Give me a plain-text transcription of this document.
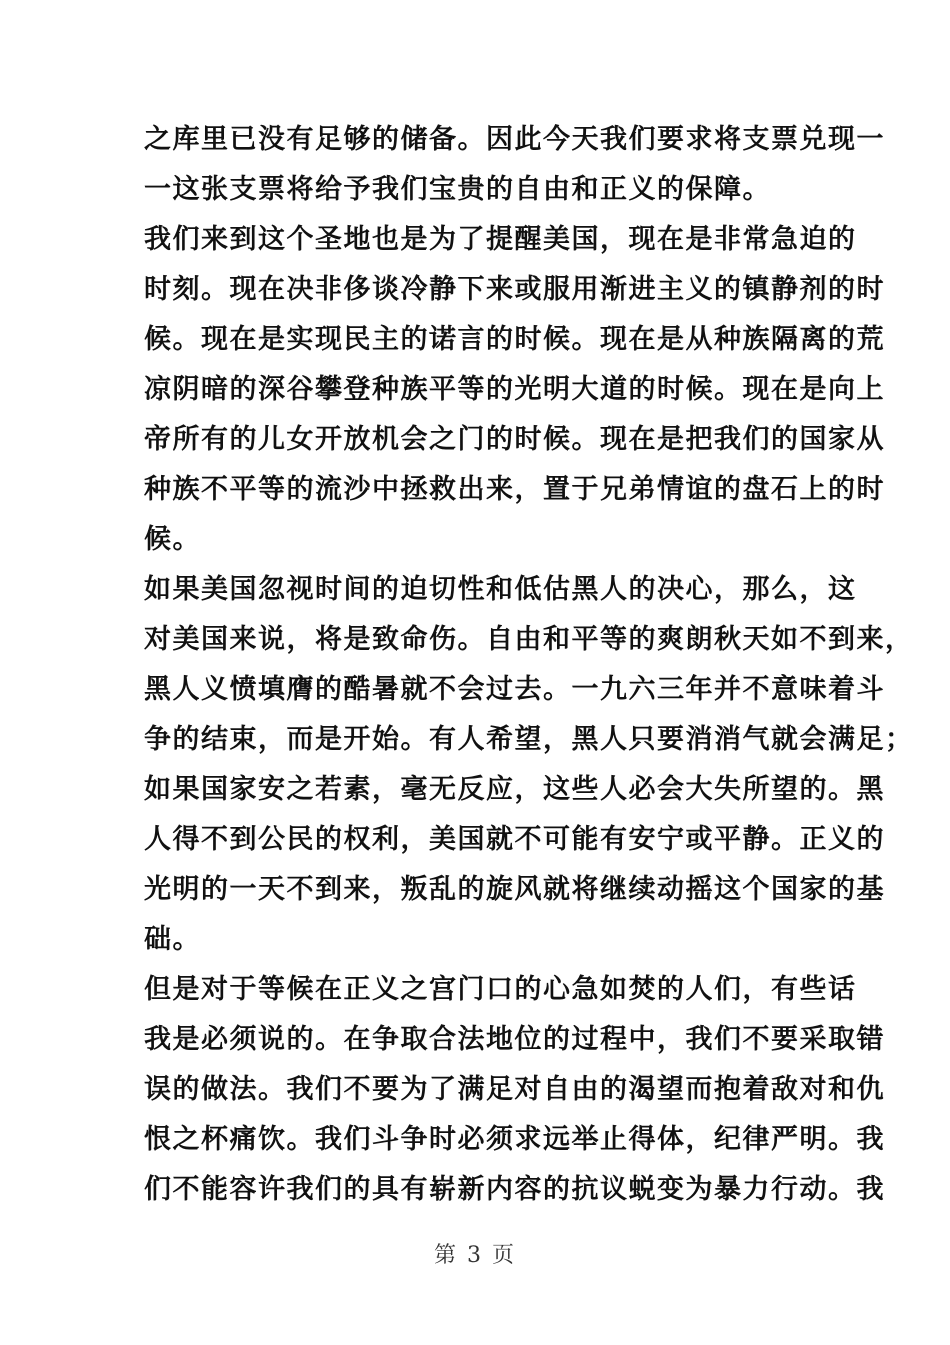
之库里已没有足够的储备。因此今天我们要求将支票兑现一
一这张支票将给予我们宝贵的自由和正义的保障。
我们来到这个圣地也是为了提醒美国，现在是非常急迫的
时刻。现在决非侈谈冷静下来或服用渐进主义的镇静剂的时
候。现在是实现民主的诺言的时候。现在是从种族隔离的荒
凉阴暗的深谷攀登种族平等的光明大道的时候。现在是向上
帝所有的儿女开放机会之门的时候。现在是把我们的国家从
种族不平等的流沙中拯救出来，置于兄弟情谊的盘石上的时
候。
如果美国忽视时间的迫切性和低估黑人的决心，那么，这
对美国来说，将是致命伤。自由和平等的爽朗秋天如不到来，
黑人义愤填膺的酷暑就不会过去。一九六三年并不意味着斗
争的结束，而是开始。有人希望，黑人只要消消气就会满足；
如果国家安之若素，毫无反应，这些人必会大失所望的。黑
人得不到公民的权利，美国就不可能有安宁或平静。正义的
光明的一天不到来，叛乱的旋风就将继续动摇这个国家的基
础。
但是对于等候在正义之宫门口的心急如焚的人们，有些话
我是必须说的。在争取合法地位的过程中，我们不要采取错
误的做法。我们不要为了满足对自由的渴望而抱着敌对和仇
恨之杯痛饮。我们斗争时必须求远举止得体，纪律严明。我
们不能容许我们的具有崭新内容的抗议蜕变为暴力行动。我
第 3 页
